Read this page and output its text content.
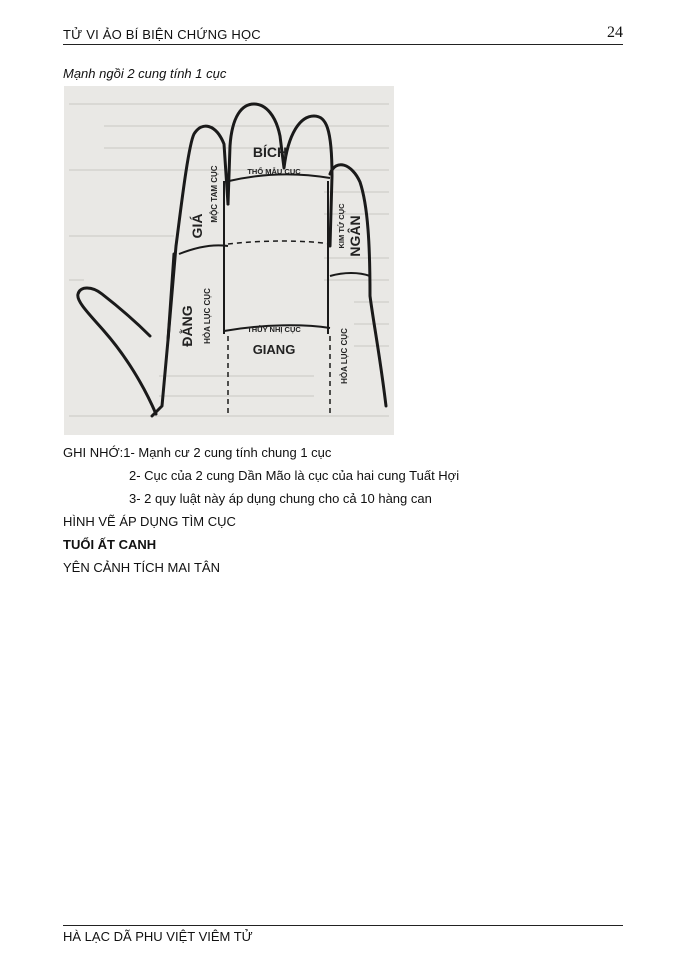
TỬ VI ẢO BÍ BIỆN CHỨNG HỌC	24
Mạnh ngồi 2 cung tính 1 cục
BÍCH
THỔ MẪU CỤC
GIÁ
MỘC TAM CỤC
NGÂN
KIM TỨ CỤC
ĐẰNG HỎA LỤC CỤC	THỦY NHỊ CỤC
GIANG	HỎA LỤC CỤC
GHI NHỚ:1- Mạnh cư 2 cung tính chung 1 cục
2- Cục của 2 cung Dần Mão là cục của hai cung Tuất Hợi
3- 2 quy luật này áp dụng chung cho cả 10 hàng can
HÌNH VẼ ÁP DỤNG TÌM CỤC
TUỔI ẤT CANH
YÊN CẢNH TÍCH MAI TÂN
HÀ LẠC DÃ PHU VIỆT VIÊM TỬ
